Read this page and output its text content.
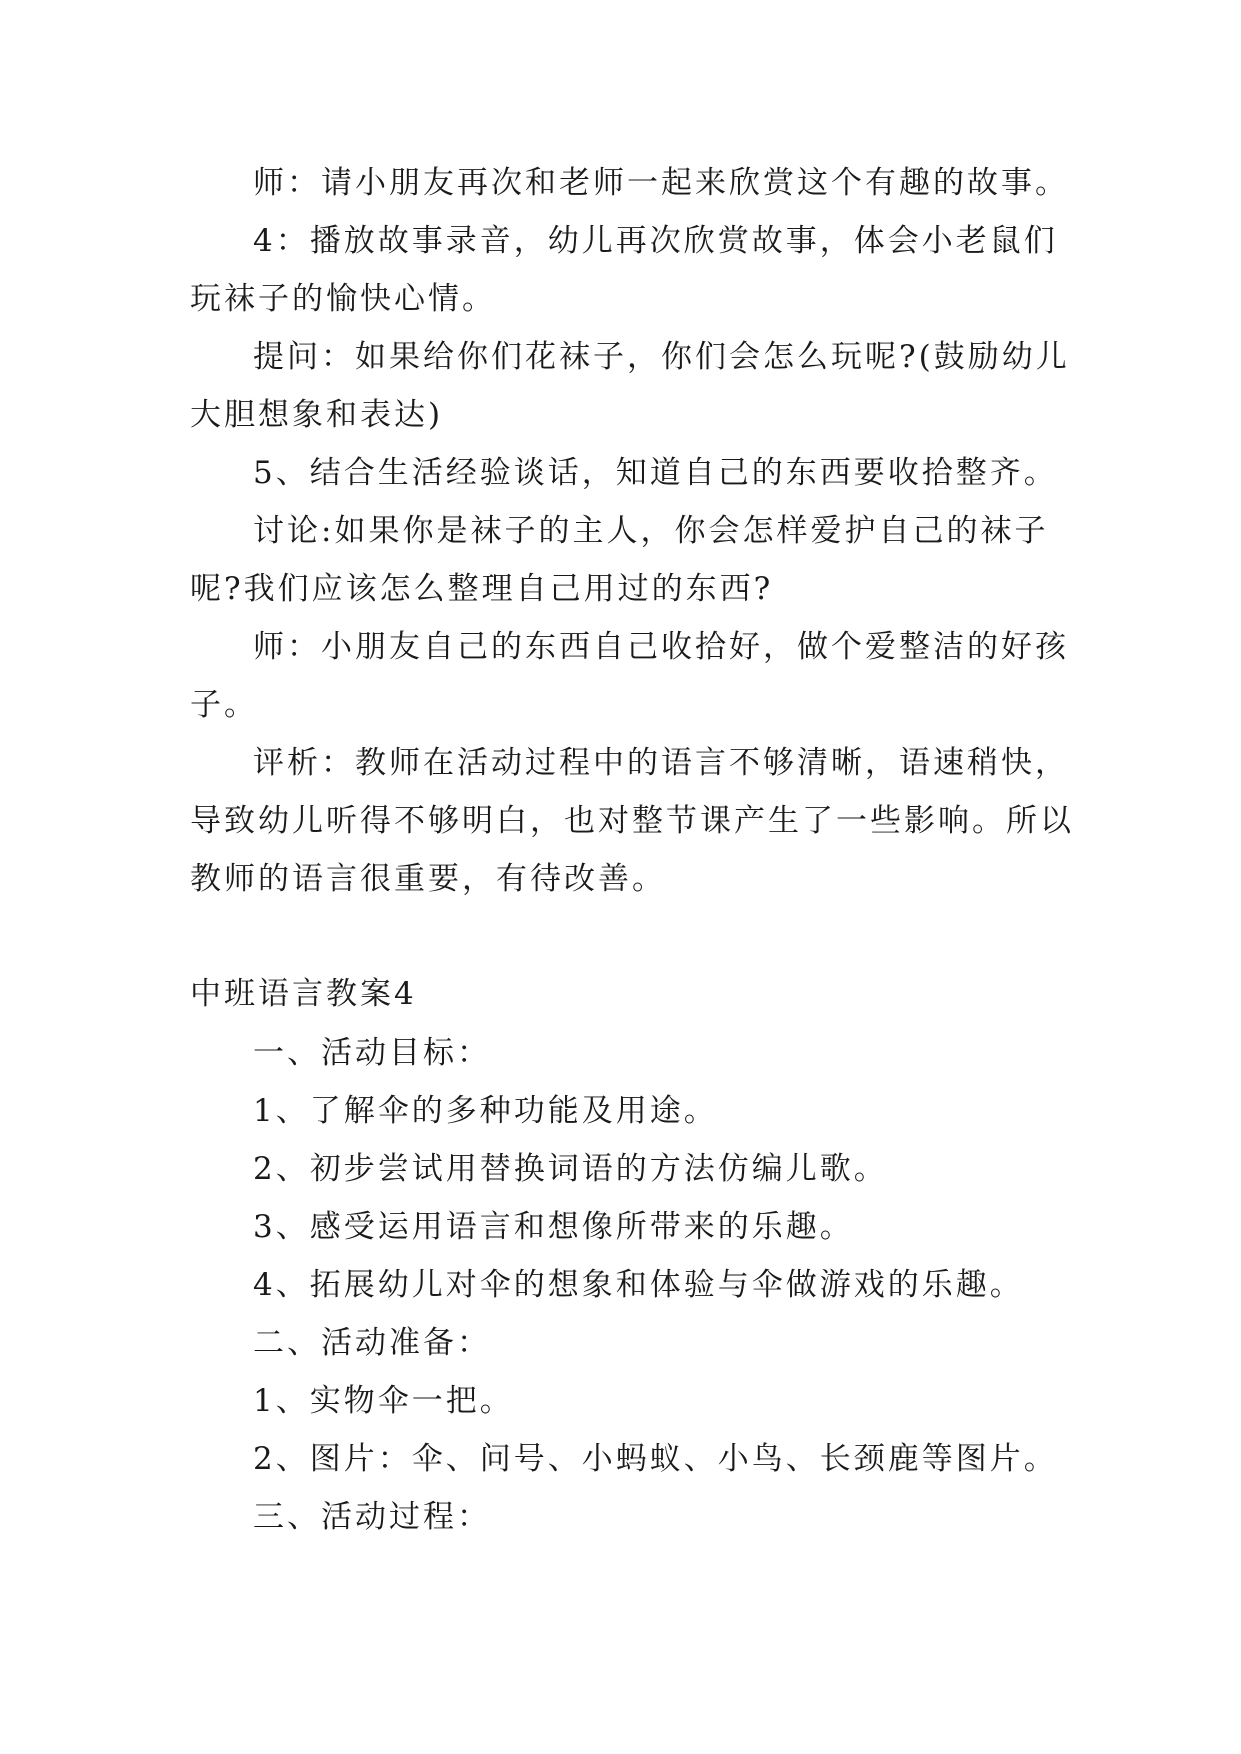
师：请小朋友再次和老师一起来欣赏这个有趣的故事。

4：播放故事录音，幼儿再次欣赏故事，体会小老鼠们

玩袜子的愉快心情。

提问：如果给你们花袜子，你们会怎么玩呢?(鼓励幼儿

大胆想象和表达)

5、结合生活经验谈话，知道自己的东西要收拾整齐。

讨论:如果你是袜子的主人，你会怎样爱护自己的袜子

呢?我们应该怎么整理自己用过的东西?

师：小朋友自己的东西自己收拾好，做个爱整洁的好孩

子。

评析：教师在活动过程中的语言不够清晰，语速稍快，

导致幼儿听得不够明白，也对整节课产生了一些影响。所以

教师的语言很重要，有待改善。

中班语言教案4

一、活动目标：

1、了解伞的多种功能及用途。

2、初步尝试用替换词语的方法仿编儿歌。

3、感受运用语言和想像所带来的乐趣。

4、拓展幼儿对伞的想象和体验与伞做游戏的乐趣。

二、活动准备：

1、实物伞一把。

2、图片：伞、问号、小蚂蚁、小鸟、长颈鹿等图片。

三、活动过程：
